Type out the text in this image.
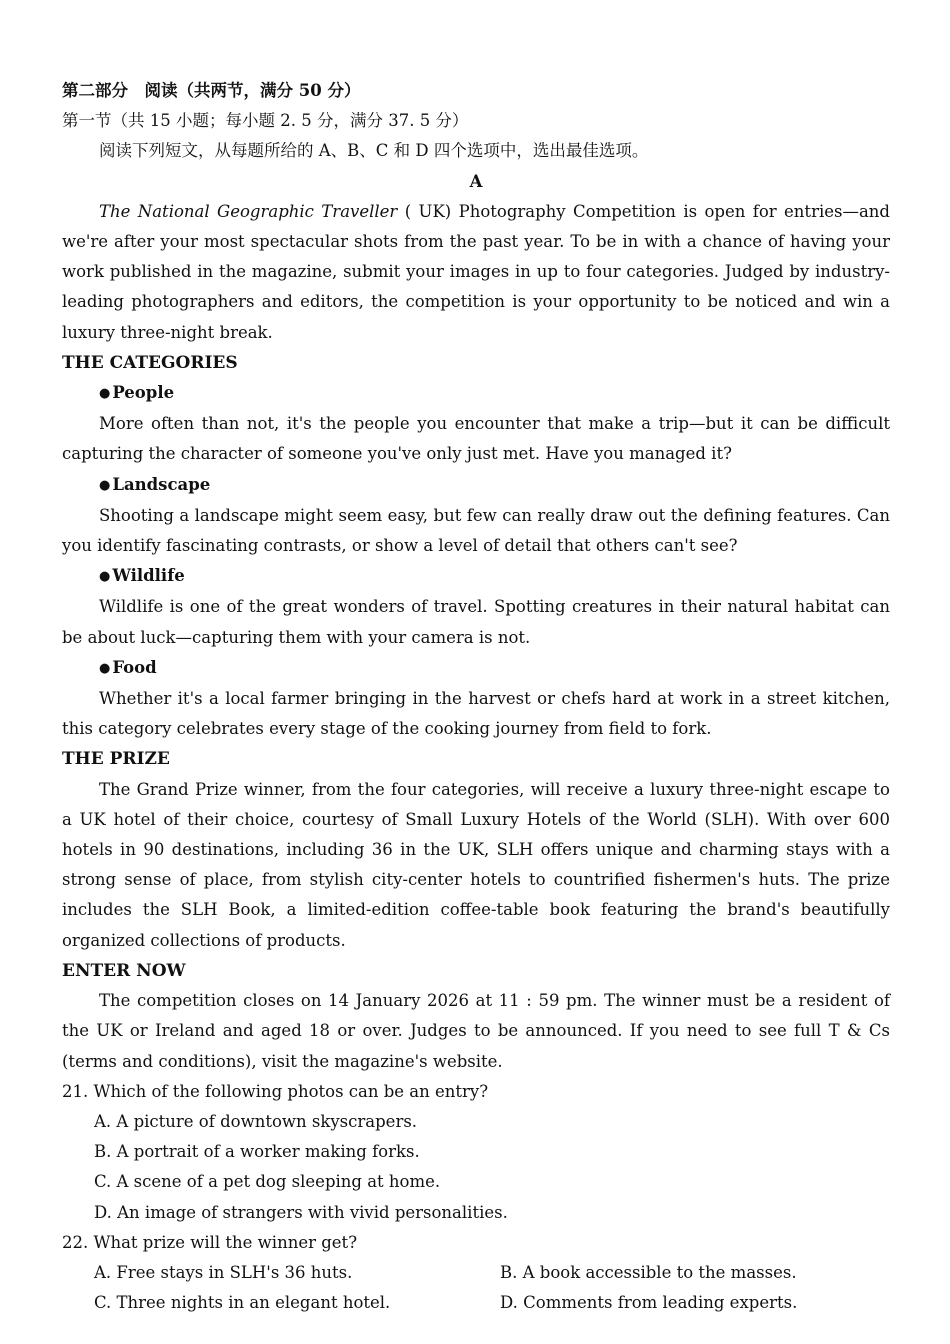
第二部分　阅读（共两节，满分 50 分）
第一节（共 15 小题；每小题 2. 5 分，满分 37. 5 分）
阅读下列短文，从每题所给的 A、B、C 和 D 四个选项中，选出最佳选项。
A

The National Geographic Traveller ( UK) Photography Competition is open for entries—and we're after your most spectacular shots from the past year. To be in with a chance of having your work published in the magazine, submit your images in up to four categories. Judged by industry-leading photographers and editors, the competition is your opportunity to be noticed and win a luxury three-night break.

THE CATEGORIES
● People

More often than not, it's the people you encounter that make a trip—but it can be difficult capturing the character of someone you've only just met. Have you managed it?

● Landscape

Shooting a landscape might seem easy, but few can really draw out the defining features. Can you identify fascinating contrasts, or show a level of detail that others can't see?

● Wildlife

Wildlife is one of the great wonders of travel. Spotting creatures in their natural habitat can be about luck—capturing them with your camera is not.

● Food

Whether it's a local farmer bringing in the harvest or chefs hard at work in a street kitchen, this category celebrates every stage of the cooking journey from field to fork.

THE PRIZE

The Grand Prize winner, from the four categories, will receive a luxury three-night escape to a UK hotel of their choice, courtesy of Small Luxury Hotels of the World (SLH). With over 600 hotels in 90 destinations, including 36 in the UK, SLH offers unique and charming stays with a strong sense of place, from stylish city-center hotels to countrified fishermen's huts. The prize includes the SLH Book, a limited-edition coffee-table book featuring the brand's beautifully organized collections of products.

ENTER NOW

The competition closes on 14 January 2026 at 11 : 59 pm. The winner must be a resident of the UK or Ireland and aged 18 or over. Judges to be announced. If you need to see full T & Cs (terms and conditions), visit the magazine's website.

21. Which of the following photos can be an entry?
A. A picture of downtown skyscrapers.
B. A portrait of a worker making forks.
C. A scene of a pet dog sleeping at home.
D. An image of strangers with vivid personalities.
22. What prize will the winner get?
A. Free stays in SLH's 36 huts.	B. A book accessible to the masses.
C. Three nights in an elegant hotel.	D. Comments from leading experts.
